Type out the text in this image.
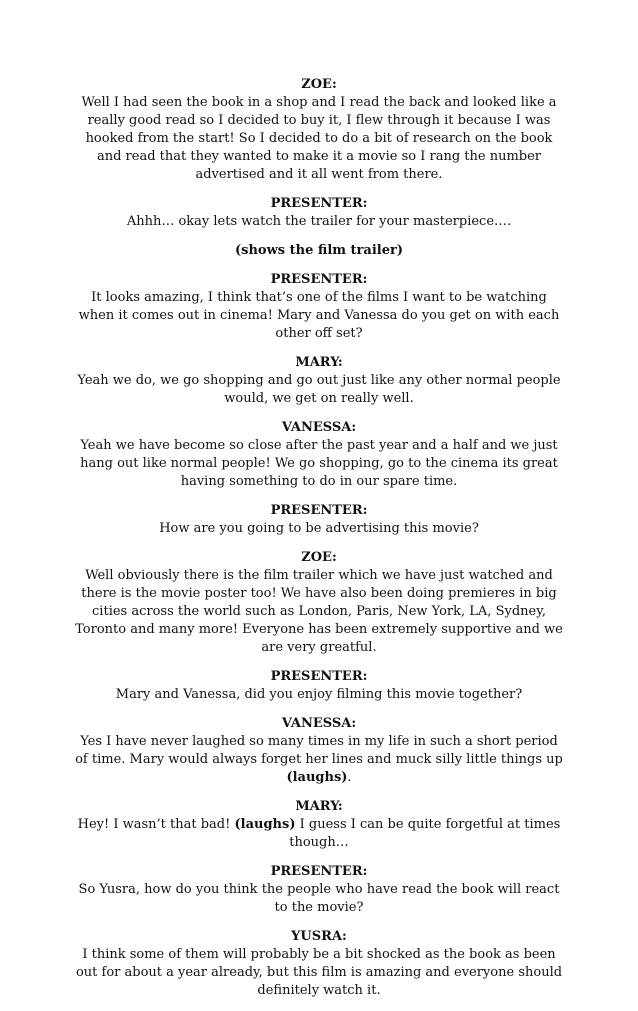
ZOE:
Well I had seen the book in a shop and I read the back and looked like a really good read so I decided to buy it, I flew through it because I was hooked from the start! So I decided to do a bit of research on the book and read that they wanted to make it a movie so I rang the number advertised and it all went from there.
PRESENTER:
Ahhh… okay lets watch the trailer for your masterpiece….
(shows the film trailer)
PRESENTER:
It looks amazing, I think that’s one of the films I want to be watching when it comes out in cinema! Mary and Vanessa do you get on with each other off set?
MARY:
Yeah we do, we go shopping and go out just like any other normal people would, we get on really well.
VANESSA:
Yeah we have become so close after the past year and a half and we just hang out like normal people! We go shopping, go to the cinema its great having something to do in our spare time.
PRESENTER:
How are you going to be advertising this movie?
ZOE:
Well obviously there is the film trailer which we have just watched and there is the movie poster too! We have also been doing premieres in big cities across the world such as London, Paris, New York, LA, Sydney, Toronto and many more! Everyone has been extremely supportive and we are very greatful.
PRESENTER:
Mary and Vanessa, did you enjoy filming this movie together?
VANESSA:
Yes I have never laughed so many times in my life in such a short period of time. Mary would always forget her lines and muck silly little things up (laughs).
MARY:
Hey! I wasn’t that bad! (laughs) I guess I can be quite forgetful at times though…
PRESENTER:
So Yusra, how do you think the people who have read the book will react to the movie?
YUSRA:
I think some of them will probably be a bit shocked as the book as been out for about a year already, but this film is amazing and everyone should definitely watch it.
